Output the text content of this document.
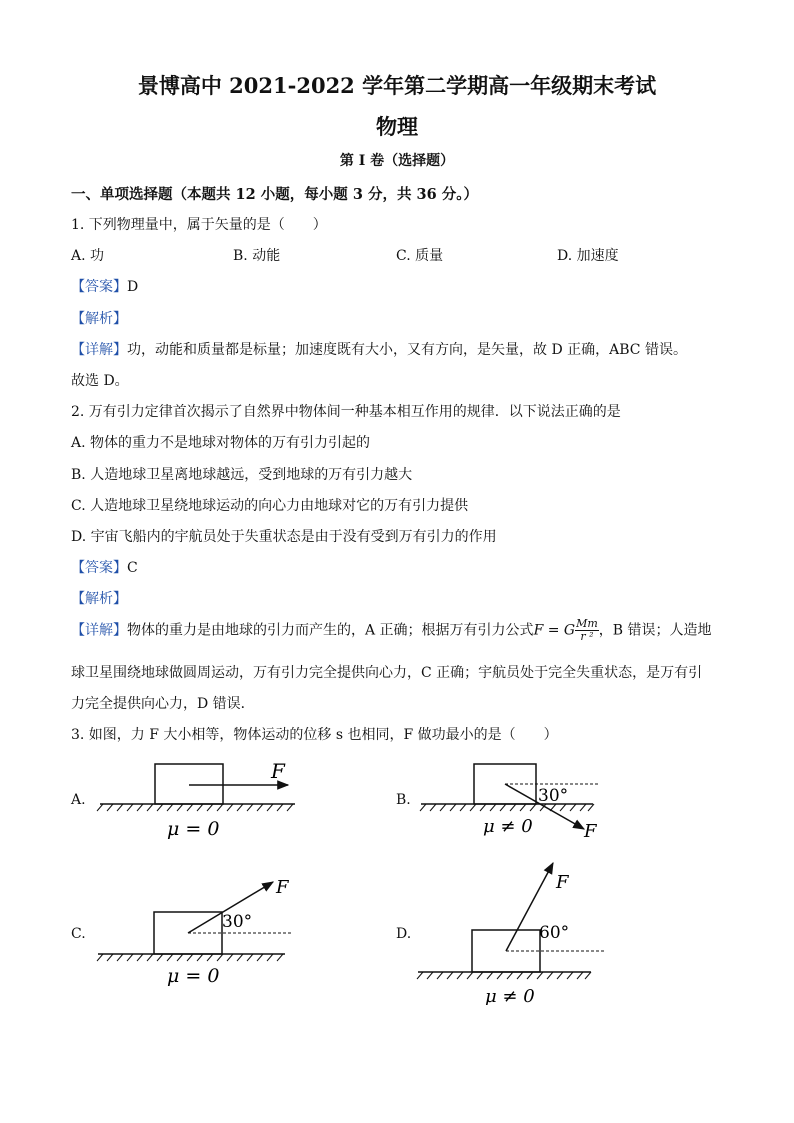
景博高中 2021-2022 学年第二学期高一年级期末考试
物理
第 I 卷（选择题）
一、单项选择题（本题共 12 小题，每小题 3 分，共 36 分。）
1. 下列物理量中，属于矢量的是（　　）
A. 功	B. 动能	C. 质量	D. 加速度
【答案】D
【解析】
【详解】功，动能和质量都是标量；加速度既有大小，又有方向，是矢量，故 D 正确，ABC 错误。
故选 D。
2. 万有引力定律首次揭示了自然界中物体间一种基本相互作用的规律．以下说法正确的是
A. 物体的重力不是地球对物体的万有引力引起的
B. 人造地球卫星离地球越远，受到地球的万有引力越大
C. 人造地球卫星绕地球运动的向心力由地球对它的万有引力提供
D. 宇宙飞船内的宇航员处于失重状态是由于没有受到万有引力的作用
【答案】C
【解析】
【详解】物体的重力是由地球的引力而产生的，A 正确；根据万有引力公式F = G $\frac{Mm}{\text{r ²}}$ ，B 错误；人造地
球卫星围绕地球做圆周运动，万有引力完全提供向心力，C 正确；宇航员处于完全失重状态，是万有引
力完全提供向心力，D 错误．
3. 如图，力 F 大小相等，物体运动的位移 s 也相同，F 做功最小的是（　　）
A.
F
μ = 0
B.	30°
F
μ ≠ 0
C.
30°
F
μ = 0
D.	60°
F
μ ≠ 0
